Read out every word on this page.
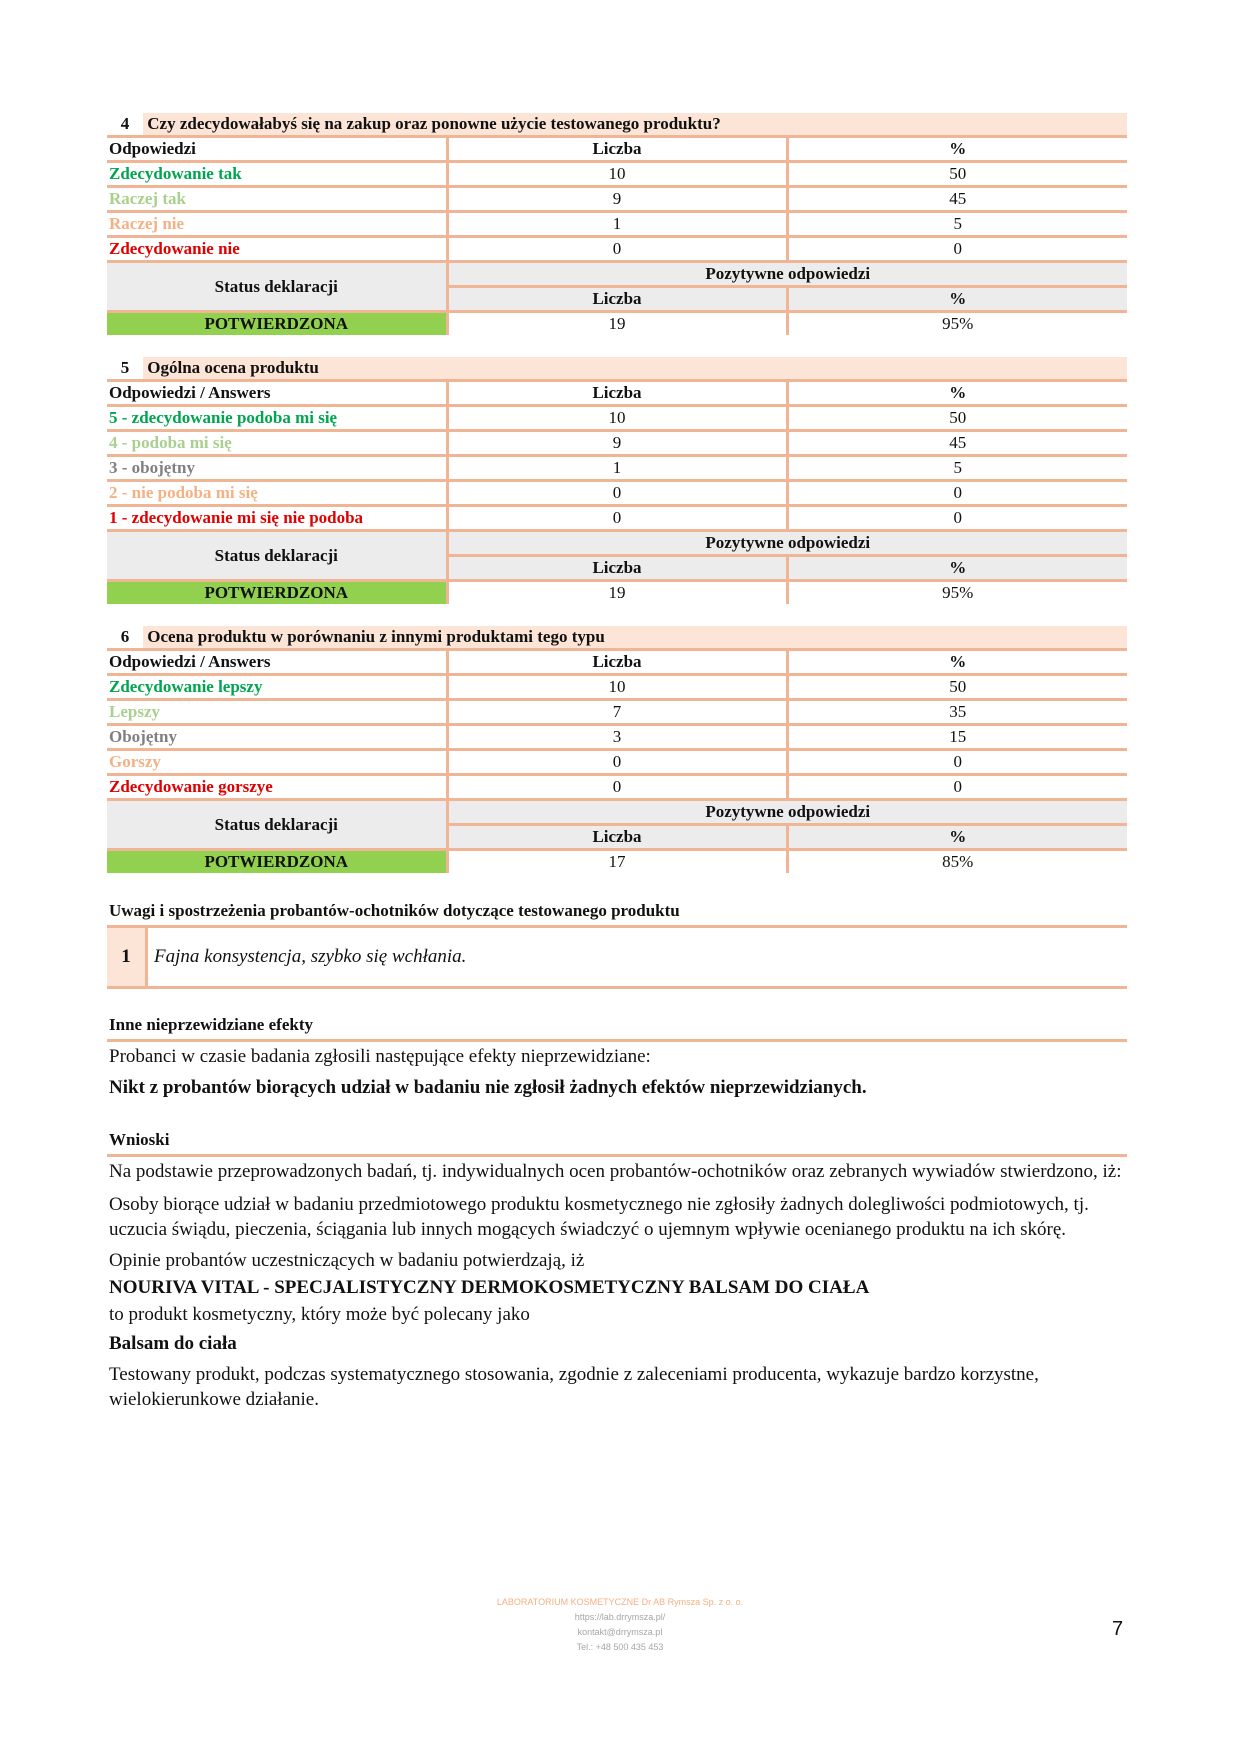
4 Czy zdecydowałabyś się na zakup oraz ponowne użycie testowanego produktu?		
Odpowiedzi	Liczba	%
Zdecydowanie tak	10	50
Raczej tak	9	45
Raczej nie	1	5
Zdecydowanie nie	0	0
Status deklaracji	Pozytywne odpowiedzi	
	Liczba	%
POTWIERDZONA	19	95%
5 Ogólna ocena produktu		
Odpowiedzi / Answers	Liczba	%
5 - zdecydowanie podoba mi się	10	50
4 - podoba mi się	9	45
3 - obojętny	1	5
2 - nie podoba mi się	0	0
1 - zdecydowanie mi się nie podoba	0	0
Status deklaracji	Pozytywne odpowiedzi	
	Liczba	%
POTWIERDZONA	19	95%
6 Ocena produktu w porównaniu z innymi produktami tego typu		
Odpowiedzi / Answers	Liczba	%
Zdecydowanie lepszy	10	50
Lepszy	7	35
Obojętny	3	15
Gorszy	0	0
Zdecydowanie gorszye	0	0
Status deklaracji	Pozytywne odpowiedzi	
	Liczba	%
POTWIERDZONA	17	85%
Uwagi i spostrzeżenia probantów-ochotników dotyczące testowanego produktu
1	Fajna konsystencja, szybko się wchłania.
Inne nieprzewidziane efekty
Probanci w czasie badania zgłosili następujące efekty nieprzewidziane:
Nikt z probantów biorących udział w badaniu nie zgłosił żadnych efektów nieprzewidzianych.
Wnioski
Na podstawie przeprowadzonych badań, tj. indywidualnych ocen probantów-ochotników oraz zebranych wywiadów stwierdzono, iż:
Osoby biorące udział w badaniu przedmiotowego produktu kosmetycznego nie zgłosiły żadnych dolegliwości podmiotowych, tj. uczucia świądu, pieczenia, ściągania lub innych mogących świadczyć o ujemnym wpływie ocenianego produktu na ich skórę.
Opinie probantów uczestniczących w badaniu potwierdzają, iż
NOURIVA VITAL - SPECJALISTYCZNY DERMOKOSMETYCZNY BALSAM DO CIAŁA
to produkt kosmetyczny, który może być polecany jako
Balsam do ciała
Testowany produkt, podczas systematycznego stosowania, zgodnie z zaleceniami producenta, wykazuje bardzo korzystne, wielokierunkowe działanie.
LABORATORIUM KOSMETYCZNE Dr AB Rymsza Sp. z o. o.
https://lab.drrymsza.pl/
kontakt@drrymsza.pl
Tel.: +48 500 435 453
7
